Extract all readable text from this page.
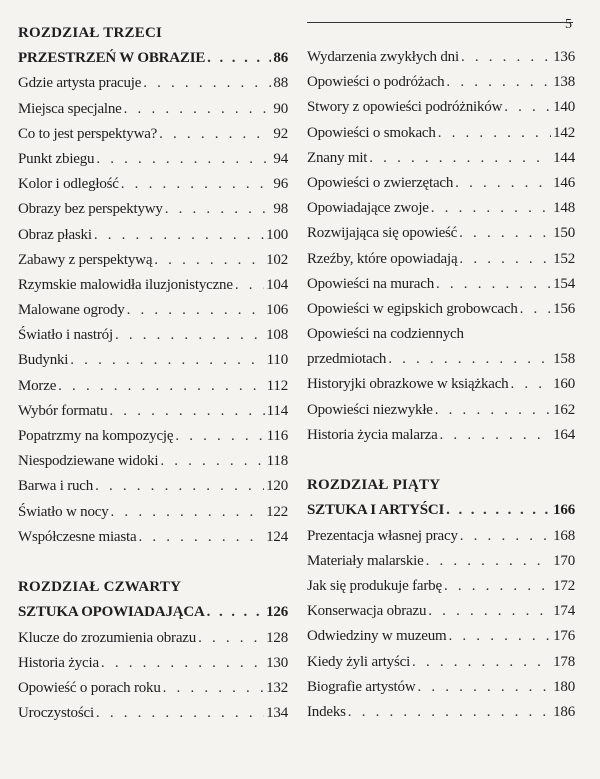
5
ROZDZIAŁ TRZECI
PRZESTRZEŃ W OBRAZIE . . .	86
Gdzie artysta pracuje . . .	88
Miejsca specjalne . . .	90
Co to jest perspektywa? . . .	92
Punkt zbiegu . . .	94
Kolor i odległość . . .	96
Obrazy bez perspektywy . . .	98
Obraz płaski . . .	100
Zabawy z perspektywą . . .	102
Rzymskie malowidła iluzjonistyczne . . . 104
Malowane ogrody . . .	106
Światło i nastrój . . .	108
Budynki . . .	110
Morze . . .	112
Wybór formatu . . .	114
Popatrzmy na kompozycję . . .	116
Niespodziewane widoki . . .	118
Barwa i ruch . . .	120
Światło w nocy . . .	122
Współczesne miasta . . .	124
ROZDZIAŁ CZWARTY
SZTUKA OPOWIADAJĄCA . . .	126
Klucze do zrozumienia obrazu . . .	128
Historia życia . . .	130
Opowieść o porach roku . . .	132
Uroczystości . . .	134
Wydarzenia zwykłych dni . . .	136
Opowieści o podróżach . . .	138
Stwory z opowieści podróżników . . .	140
Opowieści o smokach . . .	142
Znany mit . . .	144
Opowieści o zwierzętach . . .	146
Opowiadające zwoje . . .	148
Rozwijająca się opowieść . . .	150
Rzeźby, które opowiadają . . .	152
Opowieści na murach . . .	154
Opowieści w egipskich grobowcach . . . 156
Opowieści na codziennych
przedmiotach . . .	158
Historyjki obrazkowe w książkach . . .	160
Opowieści niezwykłe . . .	162
Historia życia malarza . . .	164
ROZDZIAŁ PIĄTY
SZTUKA I ARTYŚCI . . .	166
Prezentacja własnej pracy . . .	168
Materiały malarskie . . .	170
Jak się produkuje farbę . . .	172
Konserwacja obrazu . . .	174
Odwiedziny w muzeum . . .	176
Kiedy żyli artyści . . .	178
Biografie artystów . . .	180
Indeks . . .	186
